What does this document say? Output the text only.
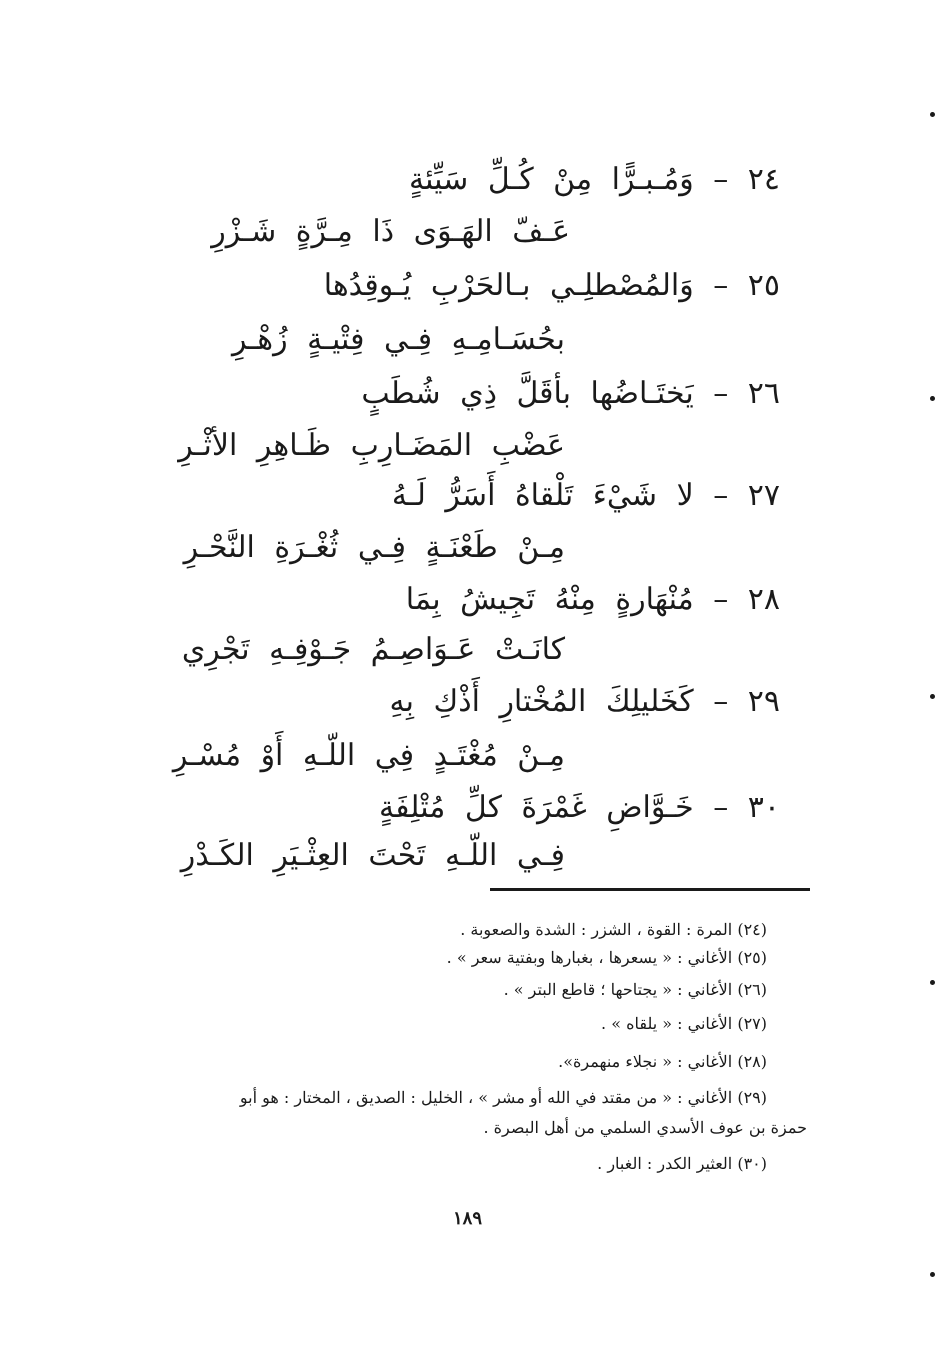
٢٤ – وَمُـبـرًّا مِنْ كُـلِّ سَيِّئةٍ
عَـفّ الهَـوَى ذَا مِـرَّةٍ شَـزْرِ
٢٥ – وَالمُصْطلِـي بـالحَرْبِ يُـوقِدُها
بحُسَـامِـهِ فِـي فِتْيـةٍ زُهْـرِ
٢٦ – يَختَـاضُها بأقَلَّ ذِي شُطَبٍ
عَضْبِ المَضَـارِبِ ظَـاهِرِ الأثْـرِ
٢٧ – لا شَيْءَ تَلْقاهُ أَسَرُّ لَـهُ
مِـنْ طَعْنَـةٍ فِـي ثُغْـرَةِ النَّحْـرِ
٢٨ – مُنْهَارةٍ مِنْهُ تَجِيشُ بِمَا
كانَـتْ عَـوَاصِـمُ جَـوْفِـهِ تَجْرِي
٢٩ – كَخَليلِكَ المُخْتارِ أَذْكِ بِهِ
مِـنْ مُغْتَـدٍ فِي اللّـهِ أَوْ مُسْـرِ
٣٠ – خَـوَّاضِ غَمْرَةَ كلِّ مُتْلِفَةٍ
فِـي اللّـهِ تَحْتَ العِثْـيَرِ الكَـدْرِ
(٢٤) المرة : القوة ، الشزر : الشدة والصعوبة .
(٢٥) الأغاني : « يسعرها ، بغبارها وبفتية سعر » .
(٢٦) الأغاني : « يجتاحها ؛ قاطع البتر » .
(٢٧) الأغاني : « يلقاه » .
(٢٨) الأغاني : « نجلاء منهمرة».
(٢٩) الأغاني : « من مقتد في الله أو مشر » ، الخليل : الصديق ، المختار : هو أبو
حمزة بن عوف الأسدي السلمي من أهل البصرة .
(٣٠) العثير الكدر : الغبار .
١٨٩
